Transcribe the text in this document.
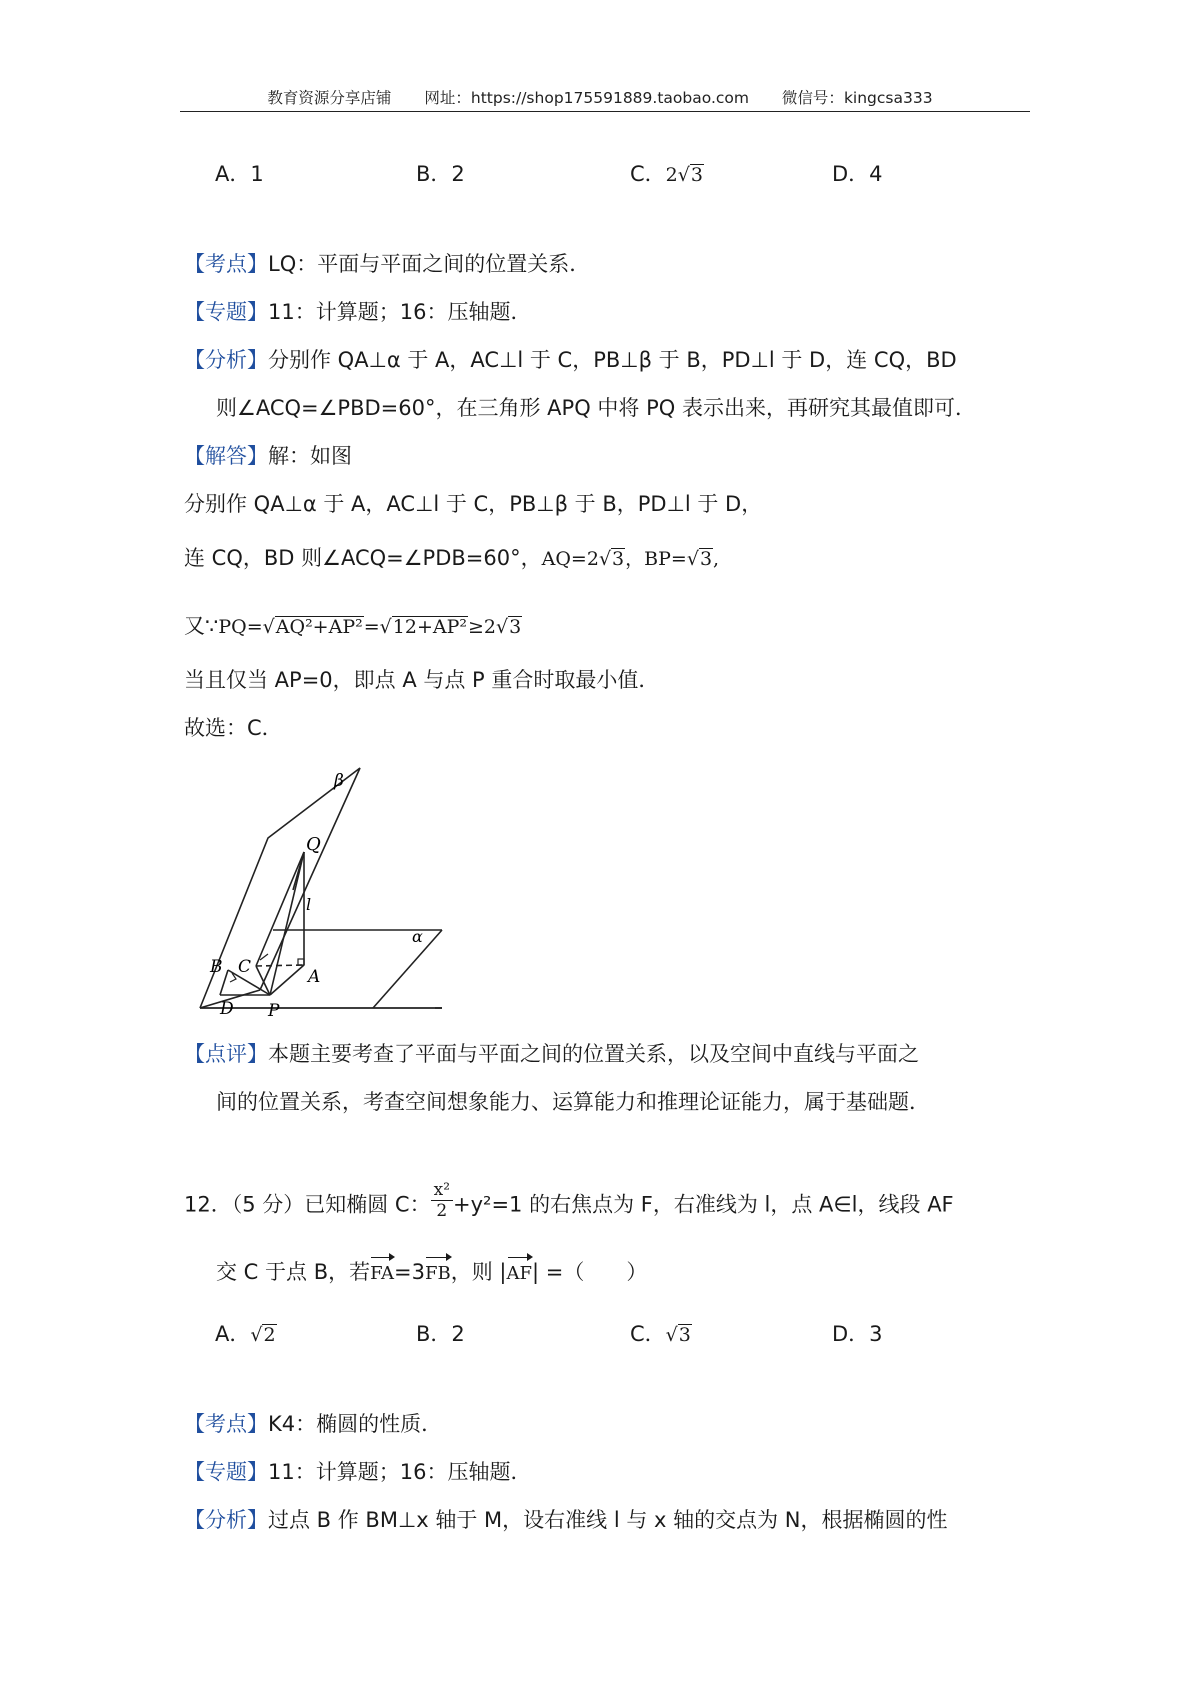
教育资源分享店铺 网址：https://shop175591889.taobao.com 微信号：kingcsa333
A．1	B．2	C．2√3	D．4
【考点】LQ：平面与平面之间的位置关系．
【专题】11：计算题；16：压轴题．
【分析】分别作 QA⊥α 于 A，AC⊥l 于 C，PB⊥β 于 B，PD⊥l 于 D，连 CQ，BD
则∠ACQ=∠PBD=60°，在三角形 APQ 中将 PQ 表示出来，再研究其最值即可．
【解答】解：如图
分别作 QA⊥α 于 A，AC⊥l 于 C，PB⊥β 于 B，PD⊥l 于 D，
连 CQ，BD 则∠ACQ=∠PDB=60°，AQ=2√3，BP=√3,
又∵PQ=√AQ²+AP²=√12+AP²≥2√3
当且仅当 AP=0，即点 A 与点 P 重合时取最小值．
故选：C．
β
α
Q
l
B C	A
D P
【点评】本题主要考查了平面与平面之间的位置关系，以及空间中直线与平面之
间的位置关系，考查空间想象能力、运算能力和推理论证能力，属于基础题．
12．（5 分）已知椭圆 C： $\frac{\text{x²}}{2} +y^2=1$ 的右焦点为 F，右准线为 l，点 A∈l，线段 AF
交 C 于点 B，若FA=3FB，则 |AF| =（　　）
A．√2	B．2	C．√3	D．3
【考点】K4：椭圆的性质．
【专题】11：计算题；16：压轴题．
【分析】过点 B 作 BM⊥x 轴于 M，设右准线 l 与 x 轴的交点为 N，根据椭圆的性
